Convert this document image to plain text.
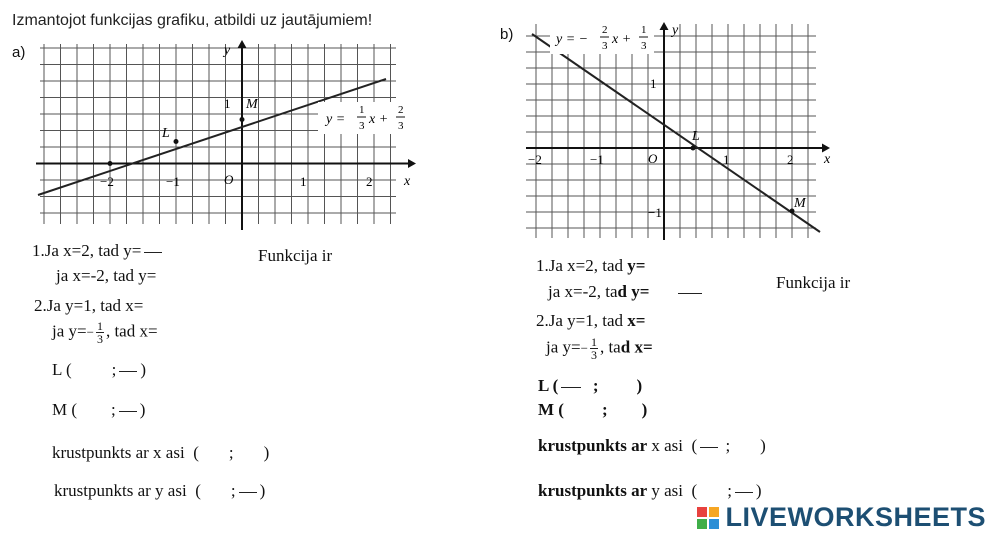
Izmantojot funkcijas grafiku, atbildi uz jautājumiem!
a)	y
x
O
−2	−1	1	2
1 M
L
y =
1
3 x +
2
3
1.Ja x=2, tad y=
ja x=-2, tad y=
Funkcija ir
2.Ja y=1, tad x=
ja $y=- \frac{1}{3}$ , tad x=
L ( ; )
M ( ; )
krustpunkts ar x asi ( ; )
krustpunkts ar y asi ( ; )
b)	y = −
2
3 x +
1
3
y
x
O
−2	−1	1	2
1
−1
L
M
1.Ja x=2, tad y=
ja x=-2, tad y=	Funkcija ir
2.Ja y=1, tad x=
ja $y=- \frac{1}{3}$ , tad x=
L ( ; )
M ( ; )
krustpunkts ar x asi ( ; )
krustpunkts ar y asi ( ; )
LIVEWORKSHEETS
